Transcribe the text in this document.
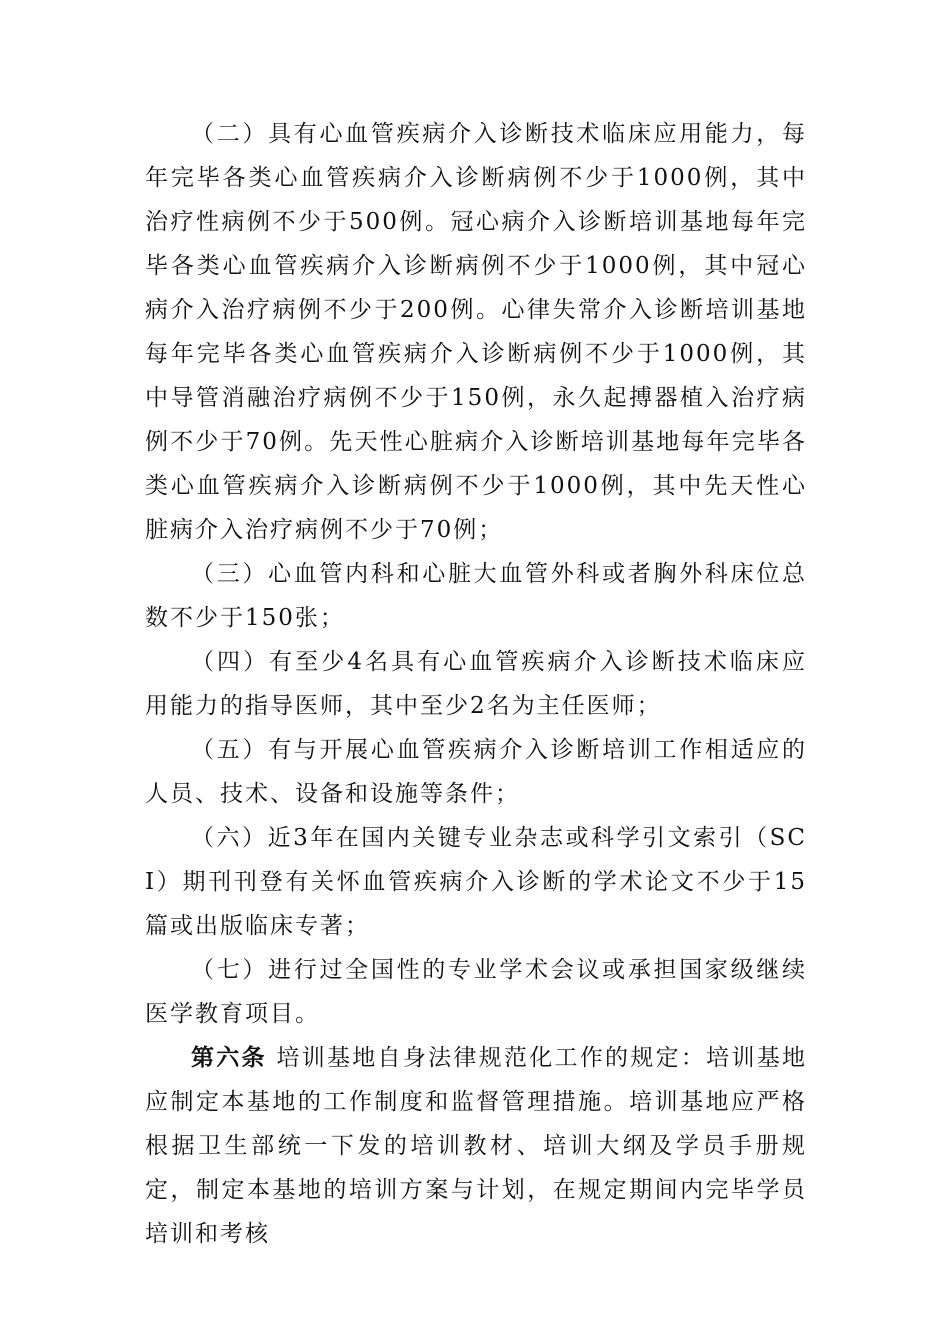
（二）具有心血管疾病介入诊断技术临床应用能力，每年完毕各类心血管疾病介入诊断病例不少于1000例，其中治疗性病例不少于500例。冠心病介入诊断培训基地每年完毕各类心血管疾病介入诊断病例不少于1000例，其中冠心病介入治疗病例不少于200例。心律失常介入诊断培训基地每年完毕各类心血管疾病介入诊断病例不少于1000例，其中导管消融治疗病例不少于150例，永久起搏器植入治疗病例不少于70例。先天性心脏病介入诊断培训基地每年完毕各类心血管疾病介入诊断病例不少于1000例，其中先天性心脏病介入治疗病例不少于70例；

（三）心血管内科和心脏大血管外科或者胸外科床位总数不少于150张；

（四）有至少4名具有心血管疾病介入诊断技术临床应用能力的指导医师，其中至少2名为主任医师；

（五）有与开展心血管疾病介入诊断培训工作相适应的人员、技术、设备和设施等条件；

（六）近3年在国内关键专业杂志或科学引文索引（SCI）期刊刊登有关怀血管疾病介入诊断的学术论文不少于15篇或出版临床专著；

（七）进行过全国性的专业学术会议或承担国家级继续医学教育项目。

第六条 培训基地自身法律规范化工作的规定：培训基地应制定本基地的工作制度和监督管理措施。培训基地应严格根据卫生部统一下发的培训教材、培训大纲及学员手册规定，制定本基地的培训方案与计划，在规定期间内完毕学员培训和考核
